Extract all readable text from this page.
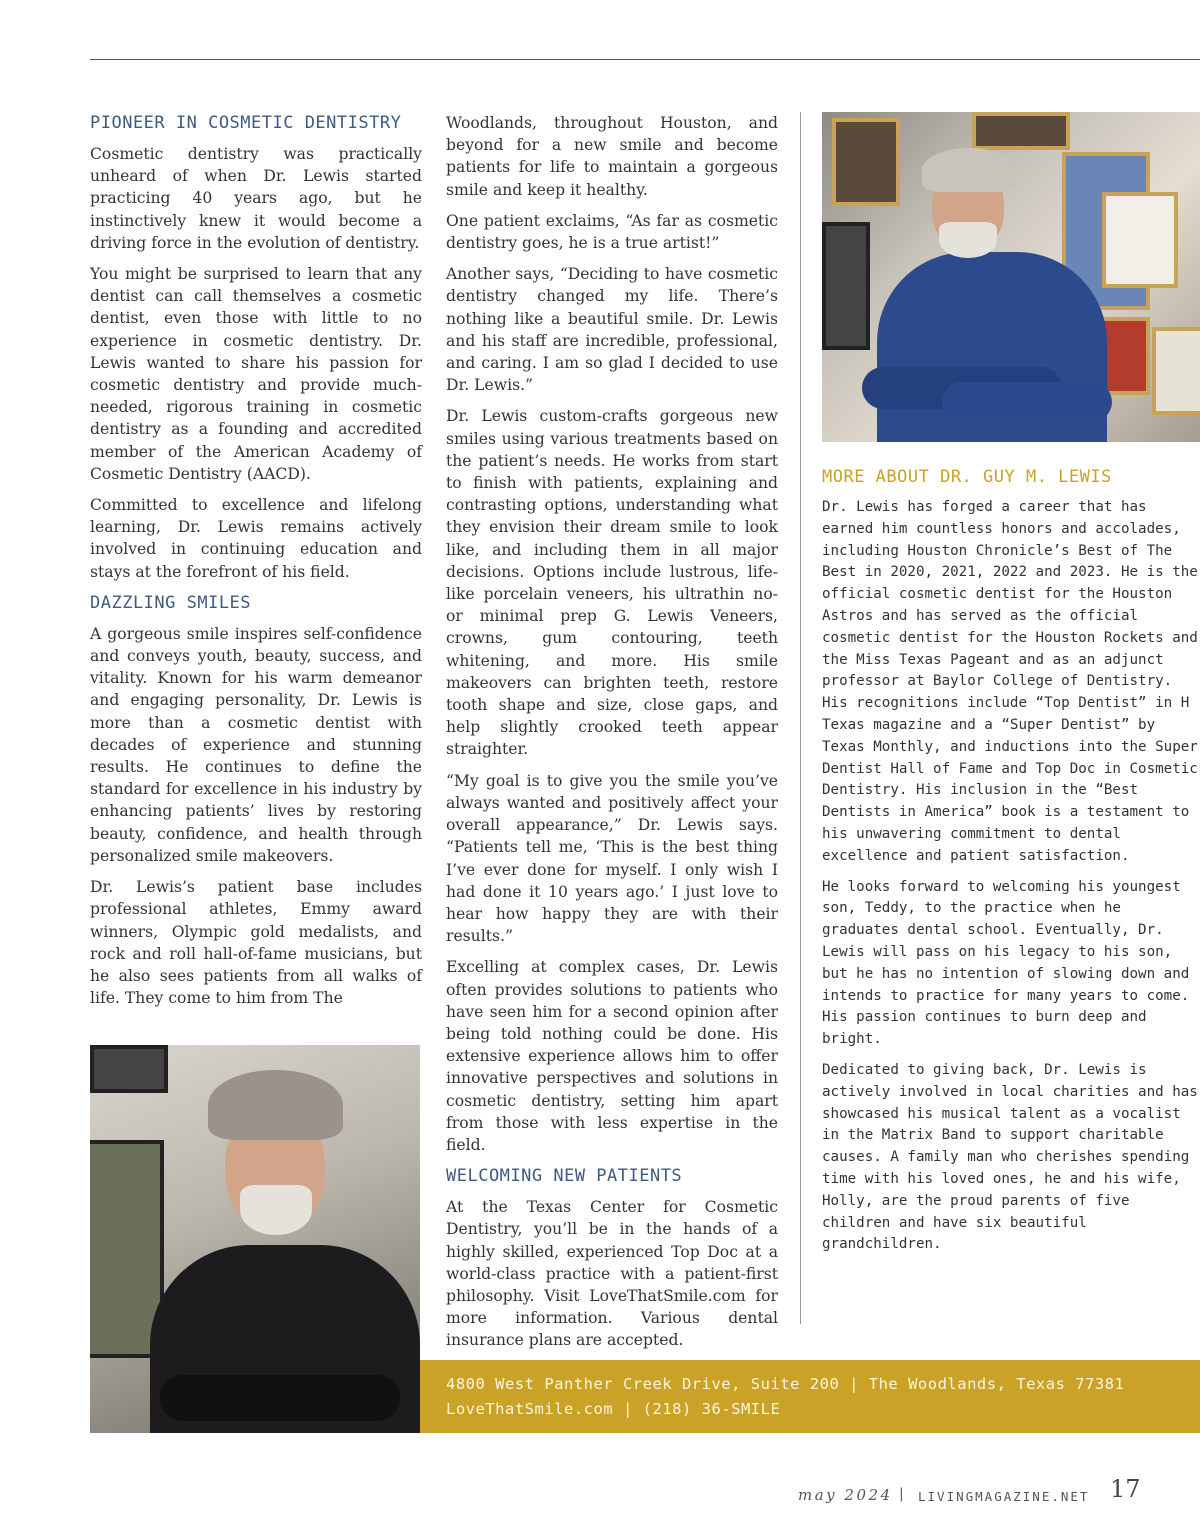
PIONEER IN COSMETIC DENTISTRY

Cosmetic dentistry was practically unheard of when Dr. Lewis started practicing 40 years ago, but he instinctively knew it would become a driving force in the evolution of dentistry.

You might be surprised to learn that any dentist can call themselves a cosmetic dentist, even those with little to no experience in cosmetic dentistry. Dr. Lewis wanted to share his passion for cosmetic dentistry and provide much-needed, rigorous training in cosmetic dentistry as a founding and accredited member of the American Academy of Cosmetic Dentistry (AACD).

Committed to excellence and lifelong learning, Dr. Lewis remains actively involved in continuing education and stays at the forefront of his field.

DAZZLING SMILES

A gorgeous smile inspires self-confidence and conveys youth, beauty, success, and vitality. Known for his warm demeanor and engaging personality, Dr. Lewis is more than a cosmetic dentist with decades of experience and stunning results. He continues to define the standard for excellence in his industry by enhancing patients’ lives by restoring beauty, confidence, and health through personalized smile makeovers.

Dr. Lewis’s patient base includes professional athletes, Emmy award winners, Olympic gold medalists, and rock and roll hall-of-fame musicians, but he also sees patients from all walks of life. They come to him from The

Woodlands, throughout Houston, and beyond for a new smile and become patients for life to maintain a gorgeous smile and keep it healthy.

One patient exclaims, “As far as cosmetic dentistry goes, he is a true artist!”

Another says, “Deciding to have cosmetic dentistry changed my life. There’s nothing like a beautiful smile. Dr. Lewis and his staff are incredible, professional, and caring. I am so glad I decided to use Dr. Lewis.”

Dr. Lewis custom-crafts gorgeous new smiles using various treatments based on the patient’s needs. He works from start to finish with patients, explaining and contrasting options, understanding what they envision their dream smile to look like, and including them in all major decisions. Options include lustrous, life-like porcelain veneers, his ultrathin no- or minimal prep G. Lewis Veneers, crowns, gum contouring, teeth whitening, and more. His smile makeovers can brighten teeth, restore tooth shape and size, close gaps, and help slightly crooked teeth appear straighter.

“My goal is to give you the smile you’ve always wanted and positively affect your overall appearance,” Dr. Lewis says. “Patients tell me, ‘This is the best thing I’ve ever done for myself. I only wish I had done it 10 years ago.’ I just love to hear how happy they are with their results.”

Excelling at complex cases, Dr. Lewis often provides solutions to patients who have seen him for a second opinion after being told nothing could be done. His extensive experience allows him to offer innovative perspectives and solutions in cosmetic dentistry, setting him apart from those with less expertise in the field.

WELCOMING NEW PATIENTS

At the Texas Center for Cosmetic Dentistry, you’ll be in the hands of a highly skilled, experienced Top Doc at a world-class practice with a patient-first philosophy. Visit LoveThatSmile.com for more information. Various dental insurance plans are accepted.

MORE ABOUT DR. GUY M. LEWIS

Dr. Lewis has forged a career that has earned him countless honors and accolades, including Houston Chronicle’s Best of The Best in 2020, 2021, 2022 and 2023. He is the official cosmetic dentist for the Houston Astros and has served as the official cosmetic dentist for the Houston Rockets and the Miss Texas Pageant and as an adjunct professor at Baylor College of Dentistry. His recognitions include “Top Dentist” in H Texas magazine and a “Super Dentist” by Texas Monthly, and inductions into the Super Dentist Hall of Fame and Top Doc in Cosmetic Dentistry. His inclusion in the “Best Dentists in America” book is a testament to his unwavering commitment to dental excellence and patient satisfaction.

He looks forward to welcoming his youngest son, Teddy, to the practice when he graduates dental school. Eventually, Dr. Lewis will pass on his legacy to his son, but he has no intention of slowing down and intends to practice for many years to come. His passion continues to burn deep and bright.

Dedicated to giving back, Dr. Lewis is actively involved in local charities and has showcased his musical talent as a vocalist in the Matrix Band to support charitable causes. A family man who cherishes spending time with his loved ones, he and his wife, Holly, are the proud parents of five children and have six beautiful grandchildren.

4800 West Panther Creek Drive, Suite 200 | The Woodlands, Texas 77381
LoveThatSmile.com | (218) 36-SMILE
may 2024 | LIVINGMAGAZINE.NET 17
